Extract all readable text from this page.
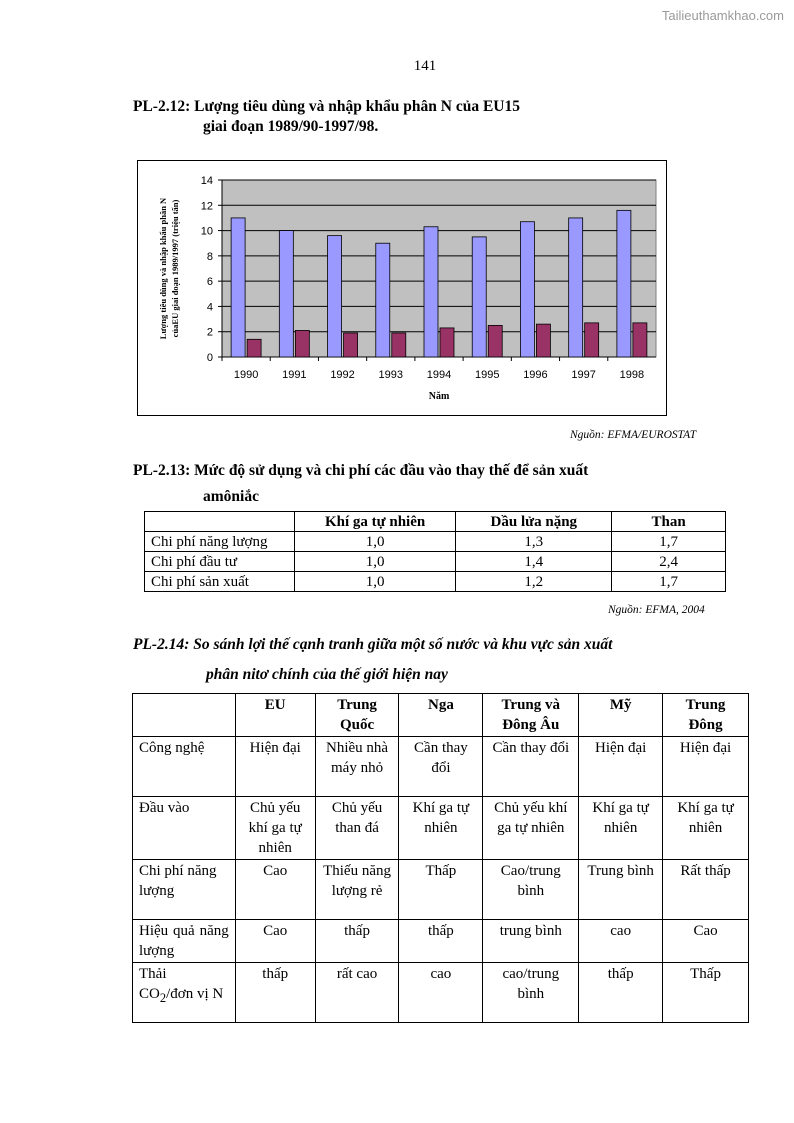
Tailieuthamkhao.com
141
PL-2.12: Lượng tiêu dùng và nhập khẩu phân N của EU15
giai đoạn 1989/90-1997/98.
0
2
4
6
8
10
12
14
1990 1991 1992 1993 1994 1995 1996 1997 1998
Năm
Lượng tiêu dùng và nhập khẩu phân N củaEU giai đoạn 1989/1997 (triệu tấn)
Nguồn: EFMA/EUROSTAT
PL-2.13: Mức độ sử dụng và chi phí các đầu vào thay thế để sản xuất
amôniắc
	Khí ga tự nhiên	Dầu lửa nặng	Than
Chi phí năng lượng	1,0	1,3	1,7
Chi phí đầu tư	1,0	1,4	2,4
Chi phí sản xuất	1,0	1,2	1,7
Nguồn: EFMA, 2004
PL-2.14: So sánh lợi thế cạnh tranh giữa một số nước và khu vực sản xuất
phân nitơ chính của thế giới hiện nay
	EU	Trung Quốc	Nga	Trung và Đông Âu	Mỹ	Trung Đông
Công nghệ	Hiện đại	Nhiều nhà máy nhỏ	Cần thay đổi	Cần thay đổi	Hiện đại	Hiện đại
Đầu vào	Chủ yếu khí ga tự nhiên	Chủ yếu than đá	Khí ga tự nhiên	Chủ yếu khí ga tự nhiên	Khí ga tự nhiên	Khí ga tự nhiên
Chi phí năng lượng	Cao	Thiếu năng lượng rẻ	Thấp	Cao/trung bình	Trung bình	Rất thấp
Hiệu quả năng lượng	Cao	thấp	thấp	trung bình	cao	Cao
Thải
$CO_2$/đơn vị N	thấp	rất cao	cao	cao/trung bình	thấp	Thấp
